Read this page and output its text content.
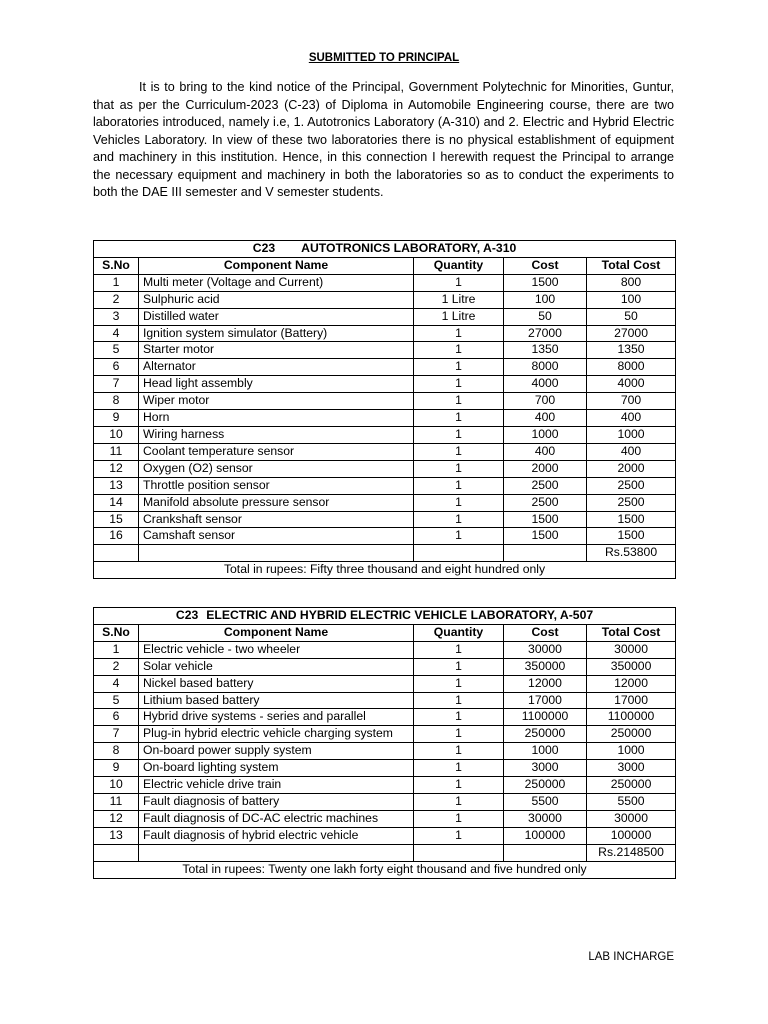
SUBMITTED TO PRINCIPAL

It is to bring to the kind notice of the Principal, Government Polytechnic for Minorities, Guntur, that as per the Curriculum-2023 (C-23) of Diploma in Automobile Engineering course, there are two laboratories introduced, namely i.e, 1. Autotronics Laboratory (A-310) and 2. Electric and Hybrid Electric Vehicles Laboratory. In view of these two laboratories there is no physical establishment of equipment and machinery in this institution. Hence, in this connection I herewith request the Principal to arrange the necessary equipment and machinery in both the laboratories so as to conduct the experiments to both the DAE III semester and V semester students.

C23 AUTOTRONICS LABORATORY, A-310				
S.No	Component Name	Quantity	Cost	Total Cost
1	Multi meter (Voltage and Current)	1	1500	800
2	Sulphuric acid	1 Litre	100	100
3	Distilled water	1 Litre	50	50
4	Ignition system simulator (Battery)	1	27000	27000
5	Starter motor	1	1350	1350
6	Alternator	1	8000	8000
7	Head light assembly	1	4000	4000
8	Wiper motor	1	700	700
9	Horn	1	400	400
10	Wiring harness	1	1000	1000
11	Coolant temperature sensor	1	400	400
12	Oxygen (O2) sensor	1	2000	2000
13	Throttle position sensor	1	2500	2500
14	Manifold absolute pressure sensor	1	2500	2500
15	Crankshaft sensor	1	1500	1500
16	Camshaft sensor	1	1500	1500
				Rs.53800
Total in rupees: Fifty three thousand and eight hundred only				
C23 ELECTRIC AND HYBRID ELECTRIC VEHICLE LABORATORY, A-507				
S.No	Component Name	Quantity	Cost	Total Cost
1	Electric vehicle - two wheeler	1	30000	30000
2	Solar vehicle	1	350000	350000
4	Nickel based battery	1	12000	12000
5	Lithium based battery	1	17000	17000
6	Hybrid drive systems - series and parallel	1	1100000	1100000
7	Plug-in hybrid electric vehicle charging system	1	250000	250000
8	On-board power supply system	1	1000	1000
9	On-board lighting system	1	3000	3000
10	Electric vehicle drive train	1	250000	250000
11	Fault diagnosis of battery	1	5500	5500
12	Fault diagnosis of DC-AC electric machines	1	30000	30000
13	Fault diagnosis of hybrid electric vehicle	1	100000	100000
				Rs.2148500
Total in rupees: Twenty one lakh forty eight thousand and five hundred only				
LAB INCHARGE
